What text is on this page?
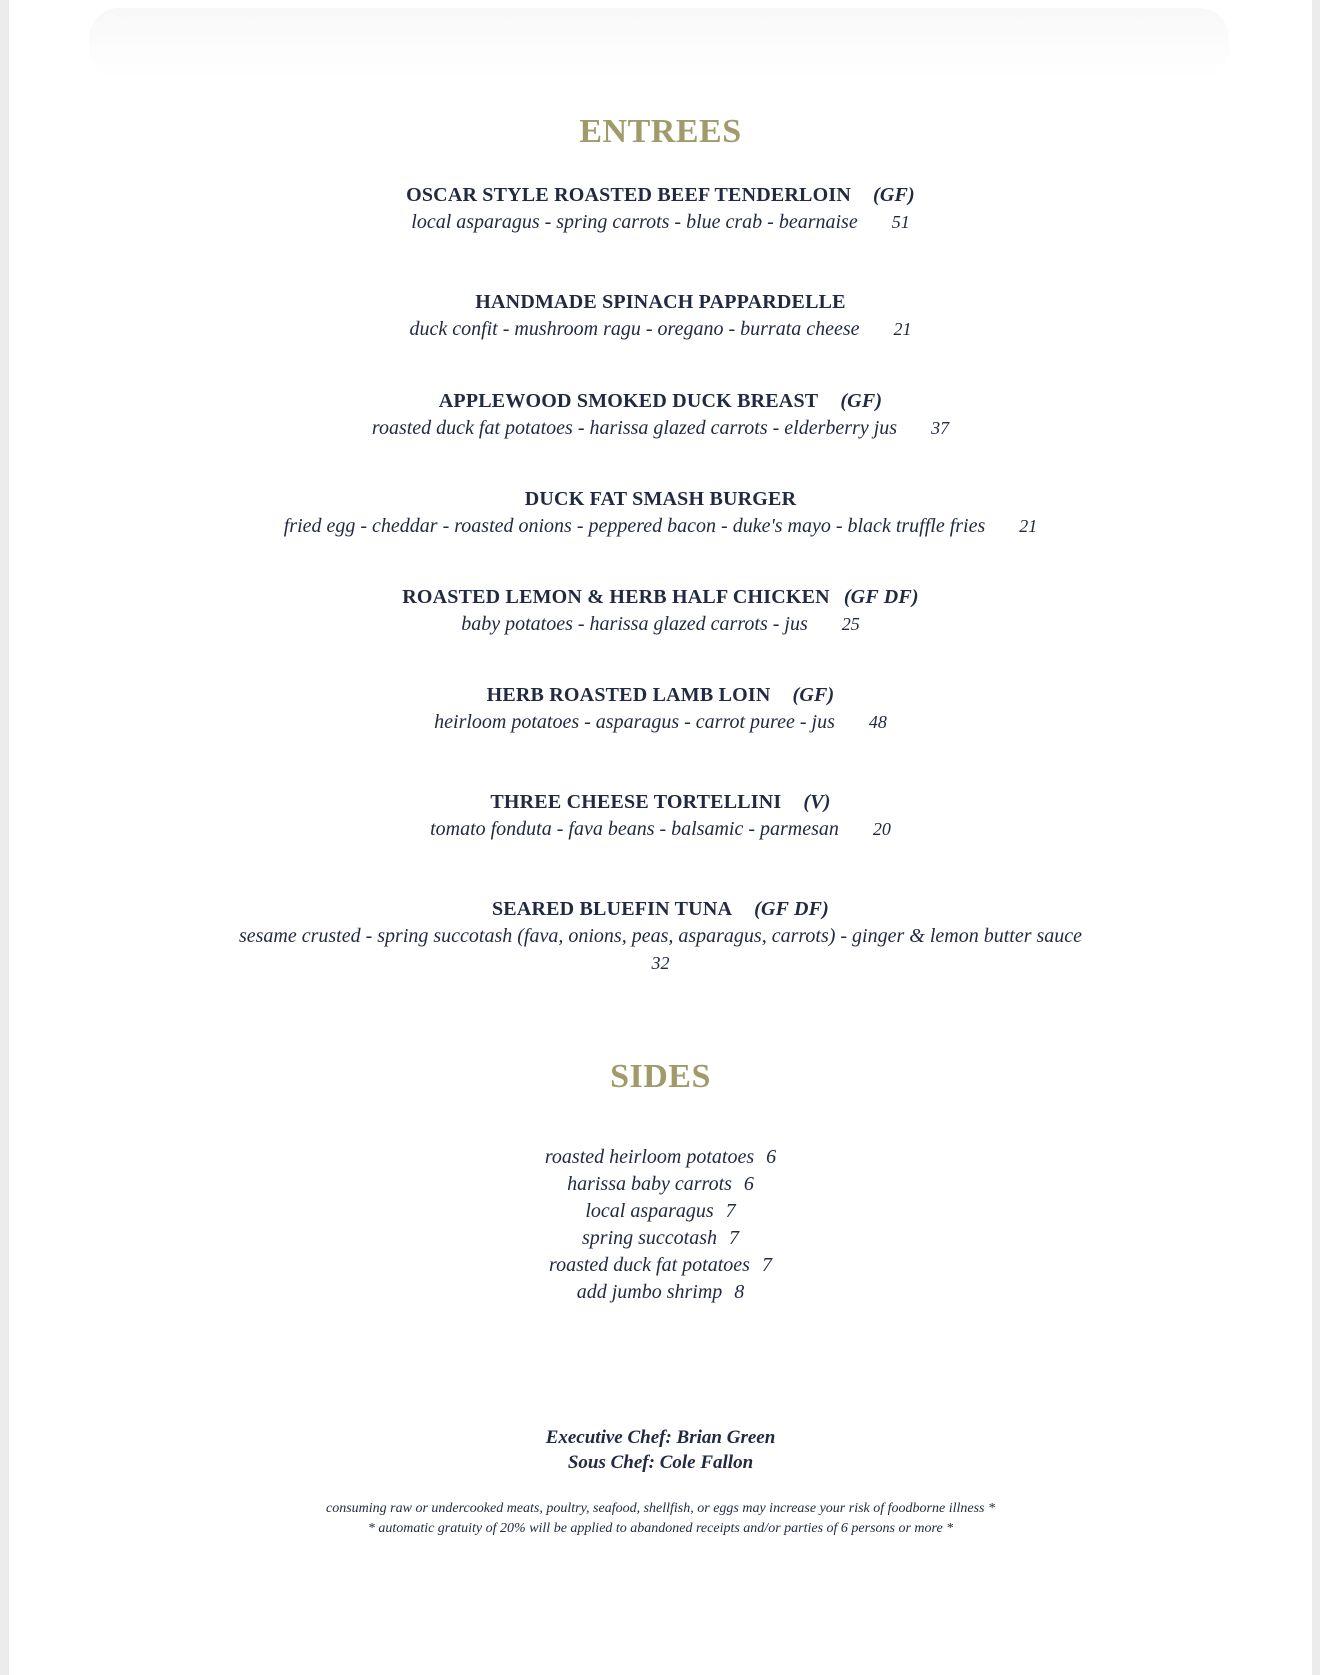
ENTREES
OSCAR STYLE ROASTED BEEF TENDERLOIN (GF)
local asparagus - spring carrots - blue crab - bearnaise 51
HANDMADE SPINACH PAPPARDELLE
duck confit - mushroom ragu - oregano - burrata cheese 21
APPLEWOOD SMOKED DUCK BREAST (GF)
roasted duck fat potatoes - harissa glazed carrots - elderberry jus 37
DUCK FAT SMASH BURGER
fried egg - cheddar - roasted onions - peppered bacon - duke's mayo - black truffle fries 21
ROASTED LEMON & HERB HALF CHICKEN (GF DF)
baby potatoes - harissa glazed carrots - jus 25
HERB ROASTED LAMB LOIN (GF)
heirloom potatoes - asparagus - carrot puree - jus 48
THREE CHEESE TORTELLINI (V)
tomato fonduta - fava beans - balsamic - parmesan 20
SEARED BLUEFIN TUNA (GF DF)
sesame crusted - spring succotash (fava, onions, peas, asparagus, carrots) - ginger & lemon butter sauce
32
SIDES
roasted heirloom potatoes 6
harissa baby carrots 6
local asparagus 7
spring succotash 7
roasted duck fat potatoes 7
add jumbo shrimp 8
Executive Chef: Brian Green
Sous Chef: Cole Fallon
consuming raw or undercooked meats, poultry, seafood, shellfish, or eggs may increase your risk of foodborne illness *
* automatic gratuity of 20% will be applied to abandoned receipts and/or parties of 6 persons or more *
